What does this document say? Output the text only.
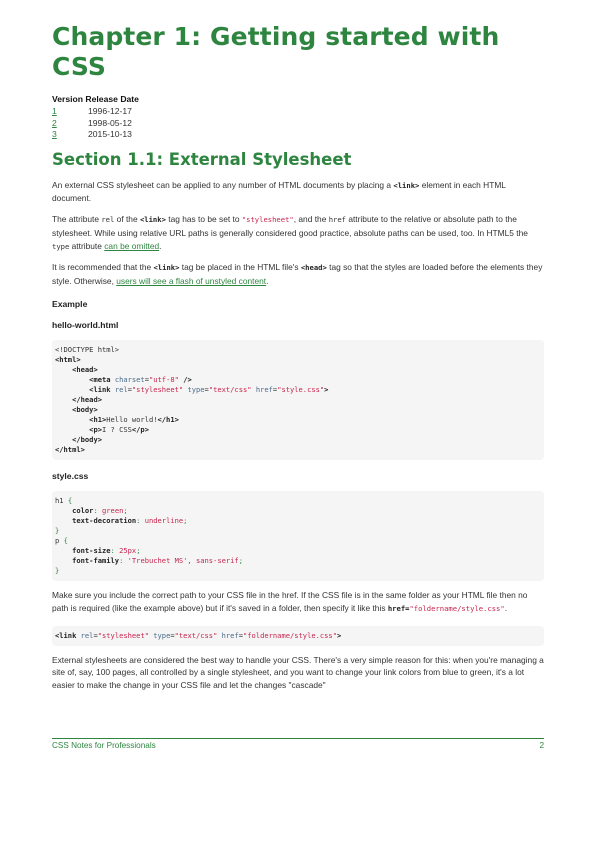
Chapter 1: Getting started with CSS
Version Release Date
1	1996-12-17
2	1998-05-12
3	2015-10-13
Section 1.1: External Stylesheet

An external CSS stylesheet can be applied to any number of HTML documents by placing a <link> element in each HTML document.

The attribute rel of the <link> tag has to be set to "stylesheet", and the href attribute to the relative or absolute path to the stylesheet. While using relative URL paths is generally considered good practice, absolute paths can be used, too. In HTML5 the type attribute can be omitted.

It is recommended that the <link> tag be placed in the HTML file's <head> tag so that the styles are loaded before the elements they style. Otherwise, users will see a flash of unstyled content.

Example
hello-world.html
<!DOCTYPE html>
<html>
<head>
<meta charset="utf-8" />
<link rel="stylesheet" type="text/css" href="style.css">
</head>
<body>
<h1>Hello world!</h1>
<p>I ? CSS</p>
</body>
</html>
style.css
h1 {
color: green;
text-decoration: underline;
}
p {
font-size: 25px;
font-family: 'Trebuchet MS', sans-serif;
}

Make sure you include the correct path to your CSS file in the href. If the CSS file is in the same folder as your HTML file then no path is required (like the example above) but if it's saved in a folder, then specify it like this href="foldername/style.css".

<link rel="stylesheet" type="text/css" href="foldername/style.css">

External stylesheets are considered the best way to handle your CSS. There's a very simple reason for this: when you're managing a site of, say, 100 pages, all controlled by a single stylesheet, and you want to change your link colors from blue to green, it's a lot easier to make the change in your CSS file and let the changes "cascade"

CSS Notes for Professionals	2
